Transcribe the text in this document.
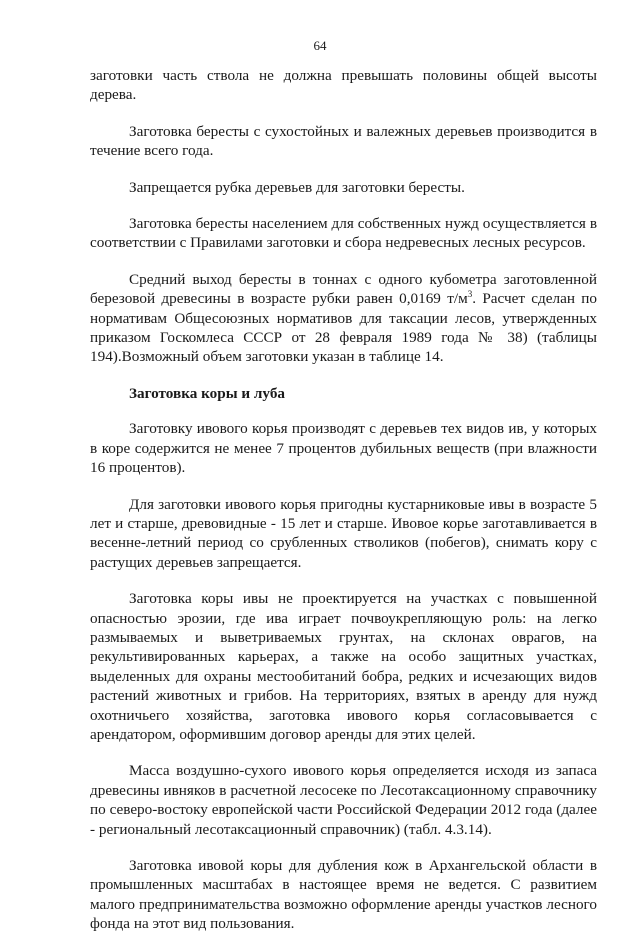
64

заготовки часть ствола не должна превышать половины общей высоты дерева.

Заготовка бересты с сухостойных и валежных деревьев производится в течение всего года.

Запрещается рубка деревьев для заготовки бересты.

Заготовка бересты населением для собственных нужд осуществляется в соответствии с Правилами заготовки и сбора недревесных лесных ресурсов.

Средний выход бересты в тоннах с одного кубометра заготовленной березовой древесины в возрасте рубки равен 0,0169 $т/м^3$. Расчет сделан по нормативам Общесоюзных нормативов для таксации лесов, утвержденных приказом Госкомлеса СССР от 28 февраля 1989 года № 38) (таблицы 194).Возможный объем заготовки указан в таблице 14.

Заготовка коры и луба

Заготовку ивового корья производят с деревьев тех видов ив, у которых в коре содержится не менее 7 процентов дубильных веществ (при влажности 16 процентов).

Для заготовки ивового корья пригодны кустарниковые ивы в возрасте 5 лет и старше, древовидные - 15 лет и старше. Ивовое корье заготавливается в весенне-летний период со срубленных стволиков (побегов), снимать кору с растущих деревьев запрещается.

Заготовка коры ивы не проектируется на участках с повышенной опасностью эрозии, где ива играет почвоукрепляющую роль: на легко размываемых и выветриваемых грунтах, на склонах оврагов, на рекультивированных карьерах, а также на особо защитных участках, выделенных для охраны местообитаний бобра, редких и исчезающих видов растений животных и грибов. На территориях, взятых в аренду для нужд охотничьего хозяйства, заготовка ивового корья согласовывается с арендатором, оформившим договор аренды для этих целей.

Масса воздушно-сухого ивового корья определяется исходя из запаса древесины ивняков в расчетной лесосеке по Лесотаксационному справочнику по северо-востоку европейской части Российской Федерации 2012 года (далее - региональный лесотаксационный справочник) (табл. 4.3.14).

Заготовка ивовой коры для дубления кож в Архангельской области в промышленных масштабах в настоящее время не ведется. С развитием малого предпринимательства возможно оформление аренды участков лесного фонда на этот вид пользования.
